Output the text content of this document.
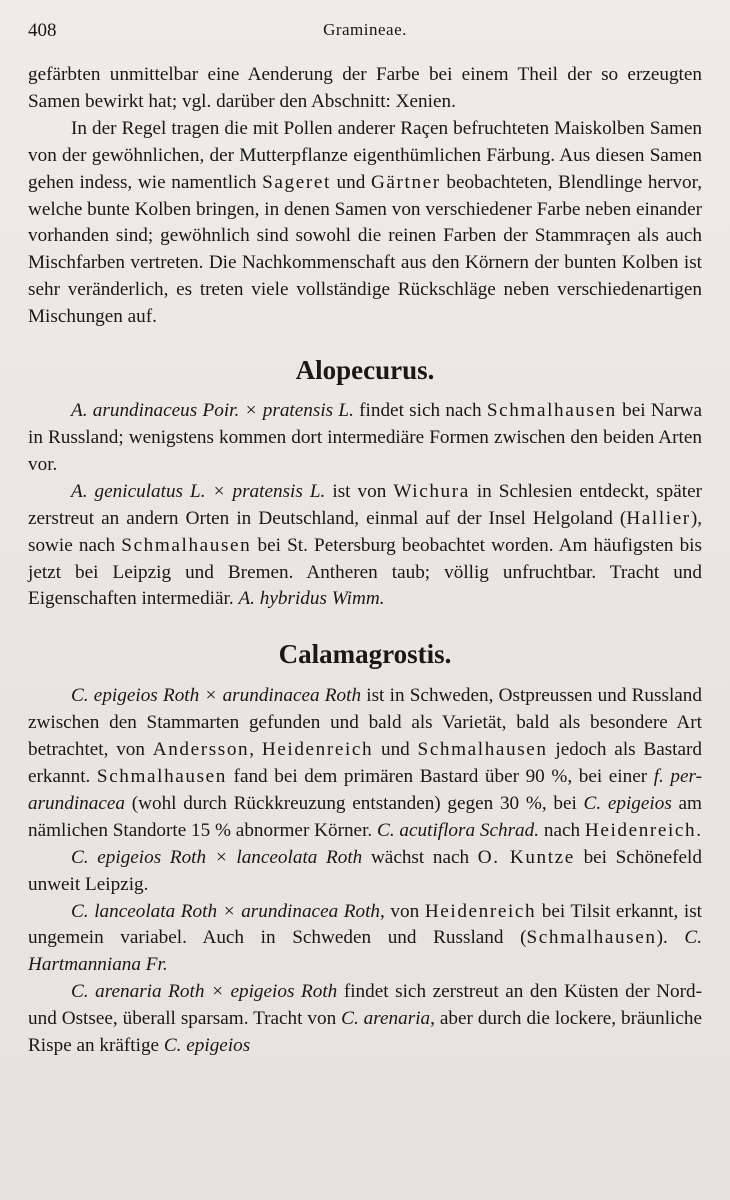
408	Gramineae.

gefärbten unmittelbar eine Aenderung der Farbe bei einem Theil der so erzeugten Samen bewirkt hat; vgl. darüber den Abschnitt: Xenien.

In der Regel tragen die mit Pollen anderer Raçen befruchteten Maiskolben Samen von der gewöhnlichen, der Mutterpflanze eigenthümlichen Färbung. Aus diesen Samen gehen indess, wie namentlich Sageret und Gärtner beobachteten, Blendlinge hervor, welche bunte Kolben bringen, in denen Samen von verschiedener Farbe neben einander vorhanden sind; gewöhnlich sind sowohl die reinen Farben der Stammraçen als auch Mischfarben vertreten. Die Nachkommenschaft aus den Körnern der bunten Kolben ist sehr veränderlich, es treten viele vollständige Rückschläge neben verschiedenartigen Mischungen auf.

Alopecurus.

A. arundinaceus Poir. × pratensis L. findet sich nach Schmalhausen bei Narwa in Russland; wenigstens kommen dort intermediäre Formen zwischen den beiden Arten vor.

A. geniculatus L. × pratensis L. ist von Wichura in Schlesien entdeckt, später zerstreut an andern Orten in Deutschland, einmal auf der Insel Helgoland (Hallier), sowie nach Schmalhausen bei St. Petersburg beobachtet worden. Am häufigsten bis jetzt bei Leipzig und Bremen. Antheren taub; völlig unfruchtbar. Tracht und Eigenschaften intermediär. A. hybridus Wimm.

Calamagrostis.

C. epigeios Roth × arundinacea Roth ist in Schweden, Ostpreussen und Russland zwischen den Stammarten gefunden und bald als Varietät, bald als besondere Art betrachtet, von Andersson, Heidenreich und Schmalhausen jedoch als Bastard erkannt. Schmalhausen fand bei dem primären Bastard über 90 %, bei einer f. per-arundinacea (wohl durch Rückkreuzung entstanden) gegen 30 %, bei C. epigeios am nämlichen Standorte 15 % abnormer Körner. C. acutiflora Schrad. nach Heidenreich.

C. epigeios Roth × lanceolata Roth wächst nach O. Kuntze bei Schönefeld unweit Leipzig.

C. lanceolata Roth × arundinacea Roth, von Heidenreich bei Tilsit erkannt, ist ungemein variabel. Auch in Schweden und Russland (Schmalhausen). C. Hartmanniana Fr.

C. arenaria Roth × epigeios Roth findet sich zerstreut an den Küsten der Nord- und Ostsee, überall sparsam. Tracht von C. arenaria, aber durch die lockere, bräunliche Rispe an kräftige C. epigeios
